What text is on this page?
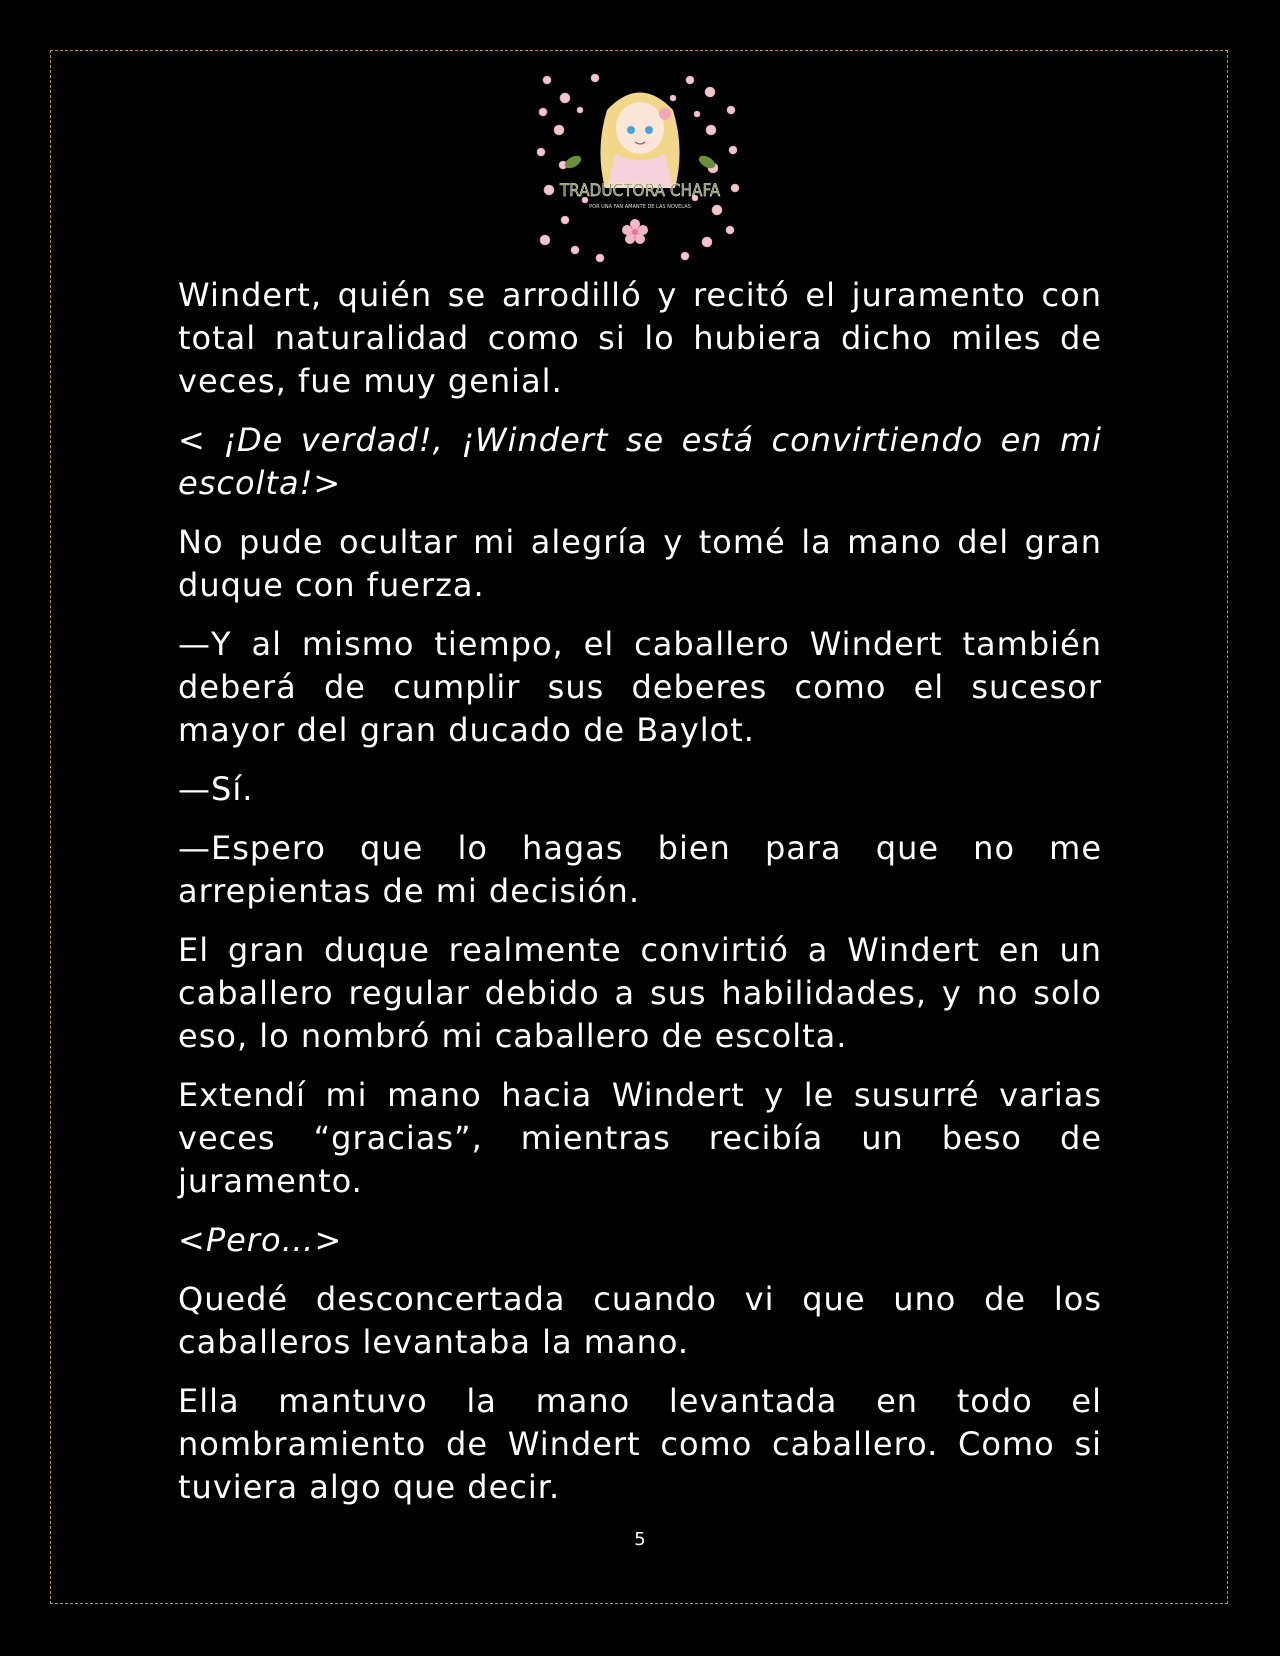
TRADUCTORA CHAFA
POR UNA FAN AMANTE DE LAS NOVELAS

Windert, quién se arrodilló y recitó el juramento con total naturalidad como si lo hubiera dicho miles de veces, fue muy genial.

< ¡De verdad!, ¡Windert se está convirtiendo en mi escolta!>

No pude ocultar mi alegría y tomé la mano del gran duque con fuerza.

—Y al mismo tiempo, el caballero Windert también deberá de cumplir sus deberes como el sucesor mayor del gran ducado de Baylot.

—Sí.

—Espero que lo hagas bien para que no me arrepientas de mi decisión.

El gran duque realmente convirtió a Windert en un caballero regular debido a sus habilidades, y no solo eso, lo nombró mi caballero de escolta.

Extendí mi mano hacia Windert y le susurré varias veces “gracias”, mientras recibía un beso de juramento.

<Pero…>

Quedé desconcertada cuando vi que uno de los caballeros levantaba la mano.

Ella mantuvo la mano levantada en todo el nombramiento de Windert como caballero. Como si tuviera algo que decir.

5
